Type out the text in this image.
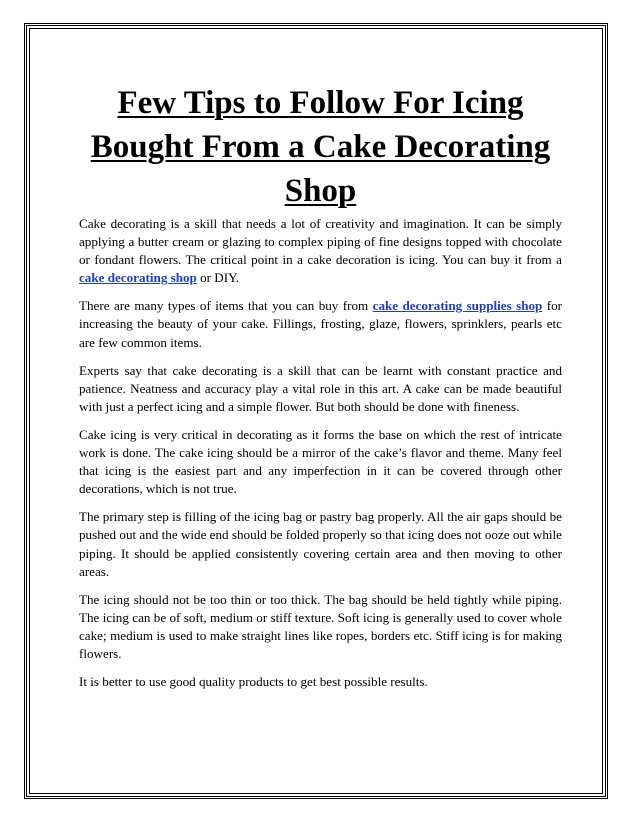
Few Tips to Follow For Icing Bought From a Cake Decorating Shop

Cake decorating is a skill that needs a lot of creativity and imagination. It can be simply applying a butter cream or glazing to complex piping of fine designs topped with chocolate or fondant flowers. The critical point in a cake decoration is icing. You can buy it from a cake decorating shop or DIY.

There are many types of items that you can buy from cake decorating supplies shop for increasing the beauty of your cake. Fillings, frosting, glaze, flowers, sprinklers, pearls etc are few common items.

Experts say that cake decorating is a skill that can be learnt with constant practice and patience. Neatness and accuracy play a vital role in this art. A cake can be made beautiful with just a perfect icing and a simple flower. But both should be done with fineness.

Cake icing is very critical in decorating as it forms the base on which the rest of intricate work is done. The cake icing should be a mirror of the cake’s flavor and theme. Many feel that icing is the easiest part and any imperfection in it can be covered through other decorations, which is not true.

The primary step is filling of the icing bag or pastry bag properly. All the air gaps should be pushed out and the wide end should be folded properly so that icing does not ooze out while piping. It should be applied consistently covering certain area and then moving to other areas.

The icing should not be too thin or too thick. The bag should be held tightly while piping. The icing can be of soft, medium or stiff texture. Soft icing is generally used to cover whole cake; medium is used to make straight lines like ropes, borders etc. Stiff icing is for making flowers.

It is better to use good quality products to get best possible results.
